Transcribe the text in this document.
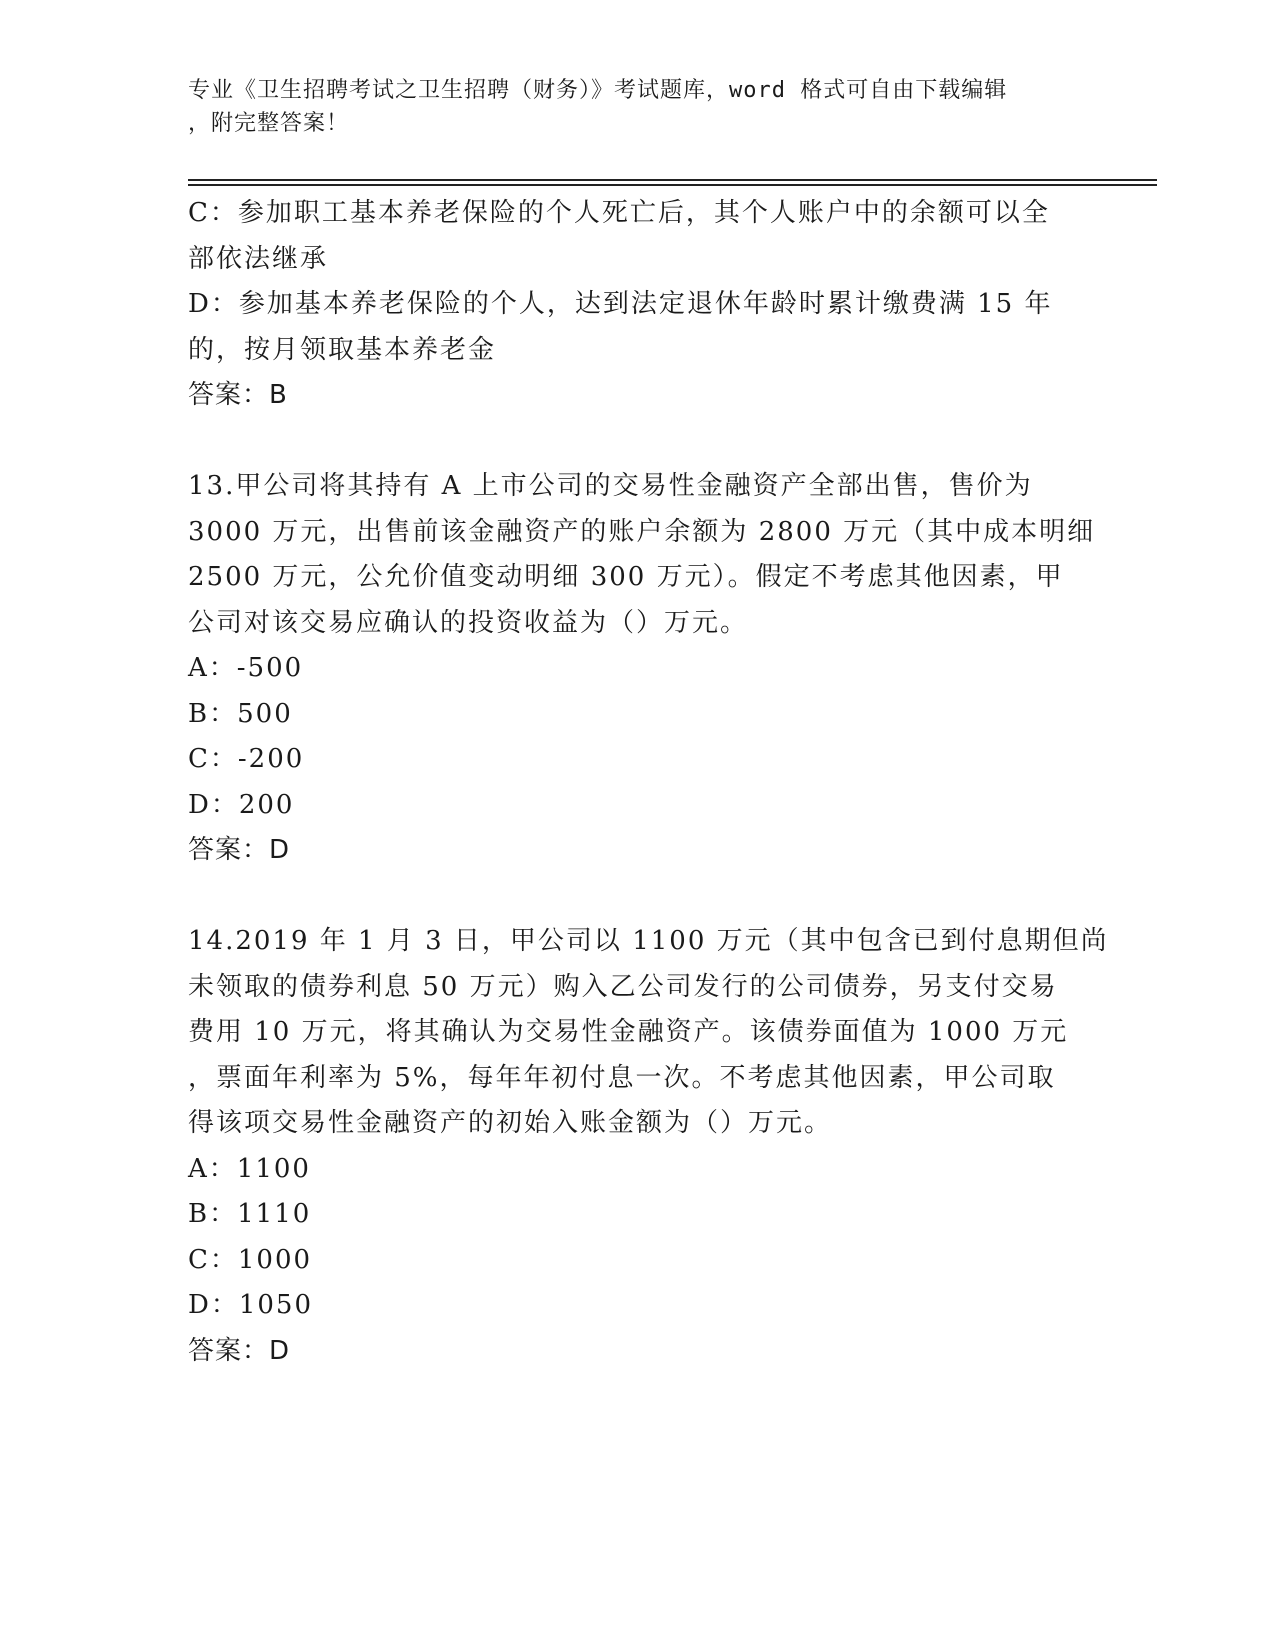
专业《卫生招聘考试之卫生招聘（财务）》考试题库，word 格式可自由下载编辑
，附完整答案！
C：参加职工基本养老保险的个人死亡后，其个人账户中的余额可以全
部依法继承
D：参加基本养老保险的个人，达到法定退休年龄时累计缴费满 15 年
的，按月领取基本养老金
答案：B
13.甲公司将其持有 A 上市公司的交易性金融资产全部出售，售价为
3000 万元，出售前该金融资产的账户余额为 2800 万元（其中成本明细
2500 万元，公允价值变动明细 300 万元）。假定不考虑其他因素，甲
公司对该交易应确认的投资收益为（）万元。
A：-500
B：500
C：-200
D：200
答案：D
14.2019 年 1 月 3 日，甲公司以 1100 万元（其中包含已到付息期但尚
未领取的债券利息 50 万元）购入乙公司发行的公司债券，另支付交易
费用 10 万元，将其确认为交易性金融资产。该债券面值为 1000 万元
，票面年利率为 5%，每年年初付息一次。不考虑其他因素，甲公司取
得该项交易性金融资产的初始入账金额为（）万元。
A：1100
B：1110
C：1000
D：1050
答案：D
